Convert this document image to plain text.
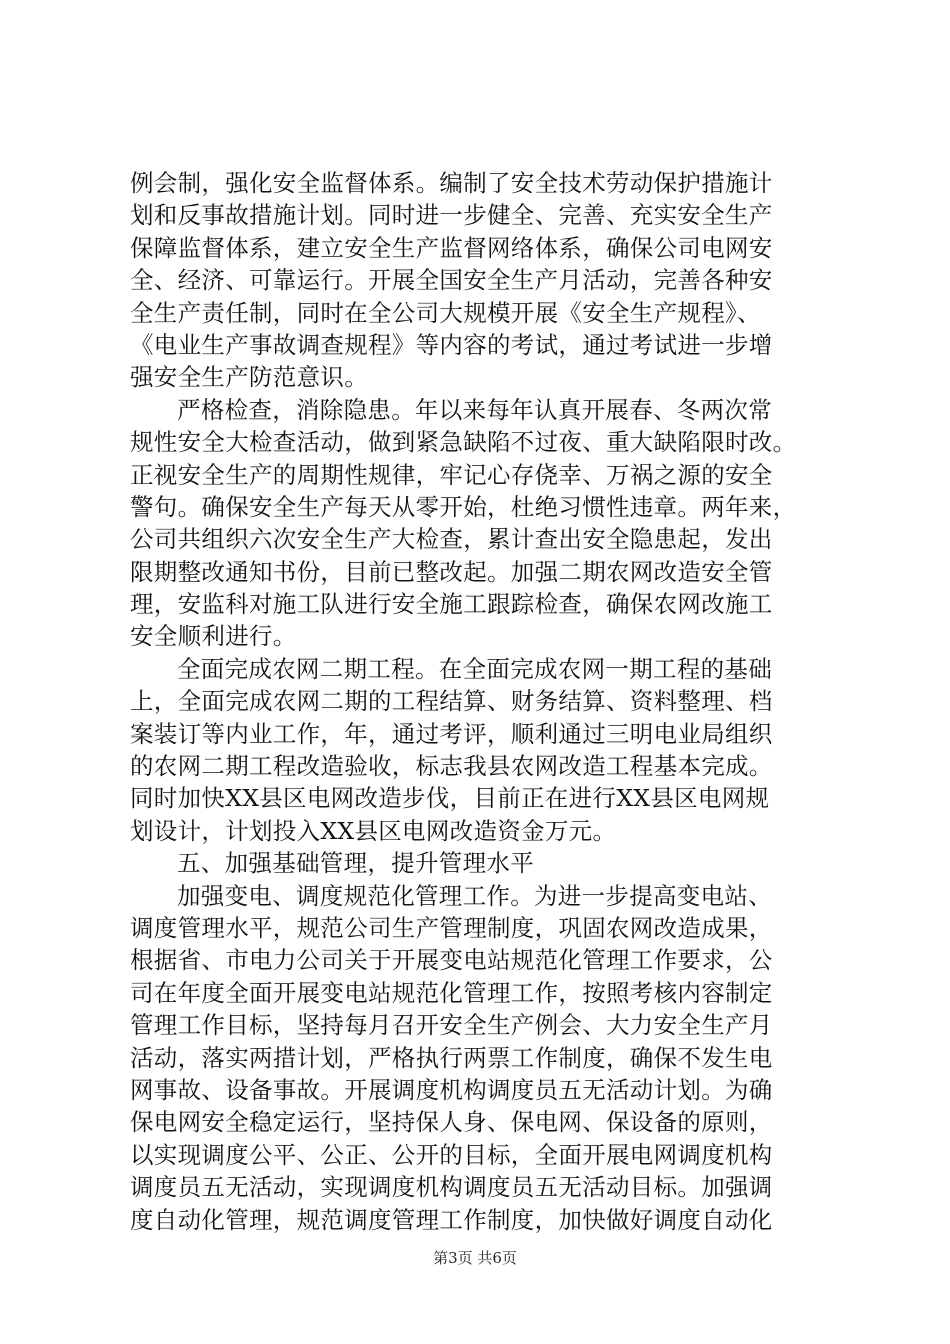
例会制，强化安全监督体系。编制了安全技术劳动保护措施计
划和反事故措施计划。同时进一步健全、完善、充实安全生产
保障监督体系，建立安全生产监督网络体系，确保公司电网安
全、经济、可靠运行。开展全国安全生产月活动，完善各种安
全生产责任制，同时在全公司大规模开展《安全生产规程》、
《电业生产事故调查规程》等内容的考试，通过考试进一步增
强安全生产防范意识。
严格检查，消除隐患。年以来每年认真开展春、冬两次常
规性安全大检查活动，做到紧急缺陷不过夜、重大缺陷限时改。
正视安全生产的周期性规律，牢记心存侥幸、万祸之源的安全
警句。确保安全生产每天从零开始，杜绝习惯性违章。两年来，
公司共组织六次安全生产大检查，累计查出安全隐患起，发出
限期整改通知书份，目前已整改起。加强二期农网改造安全管
理，安监科对施工队进行安全施工跟踪检查，确保农网改施工
安全顺利进行。
全面完成农网二期工程。在全面完成农网一期工程的基础
上，全面完成农网二期的工程结算、财务结算、资料整理、档
案装订等内业工作，年，通过考评，顺利通过三明电业局组织
的农网二期工程改造验收，标志我县农网改造工程基本完成。
同时加快XX县区电网改造步伐，目前正在进行XX县区电网规
划设计，计划投入XX县区电网改造资金万元。
五、加强基础管理，提升管理水平
加强变电、调度规范化管理工作。为进一步提高变电站、
调度管理水平，规范公司生产管理制度，巩固农网改造成果，
根据省、市电力公司关于开展变电站规范化管理工作要求，公
司在年度全面开展变电站规范化管理工作，按照考核内容制定
管理工作目标，坚持每月召开安全生产例会、大力安全生产月
活动，落实两措计划，严格执行两票工作制度，确保不发生电
网事故、设备事故。开展调度机构调度员五无活动计划。为确
保电网安全稳定运行，坚持保人身、保电网、保设备的原则，
以实现调度公平、公正、公开的目标，全面开展电网调度机构
调度员五无活动，实现调度机构调度员五无活动目标。加强调
度自动化管理，规范调度管理工作制度，加快做好调度自动化
第3页 共6页
